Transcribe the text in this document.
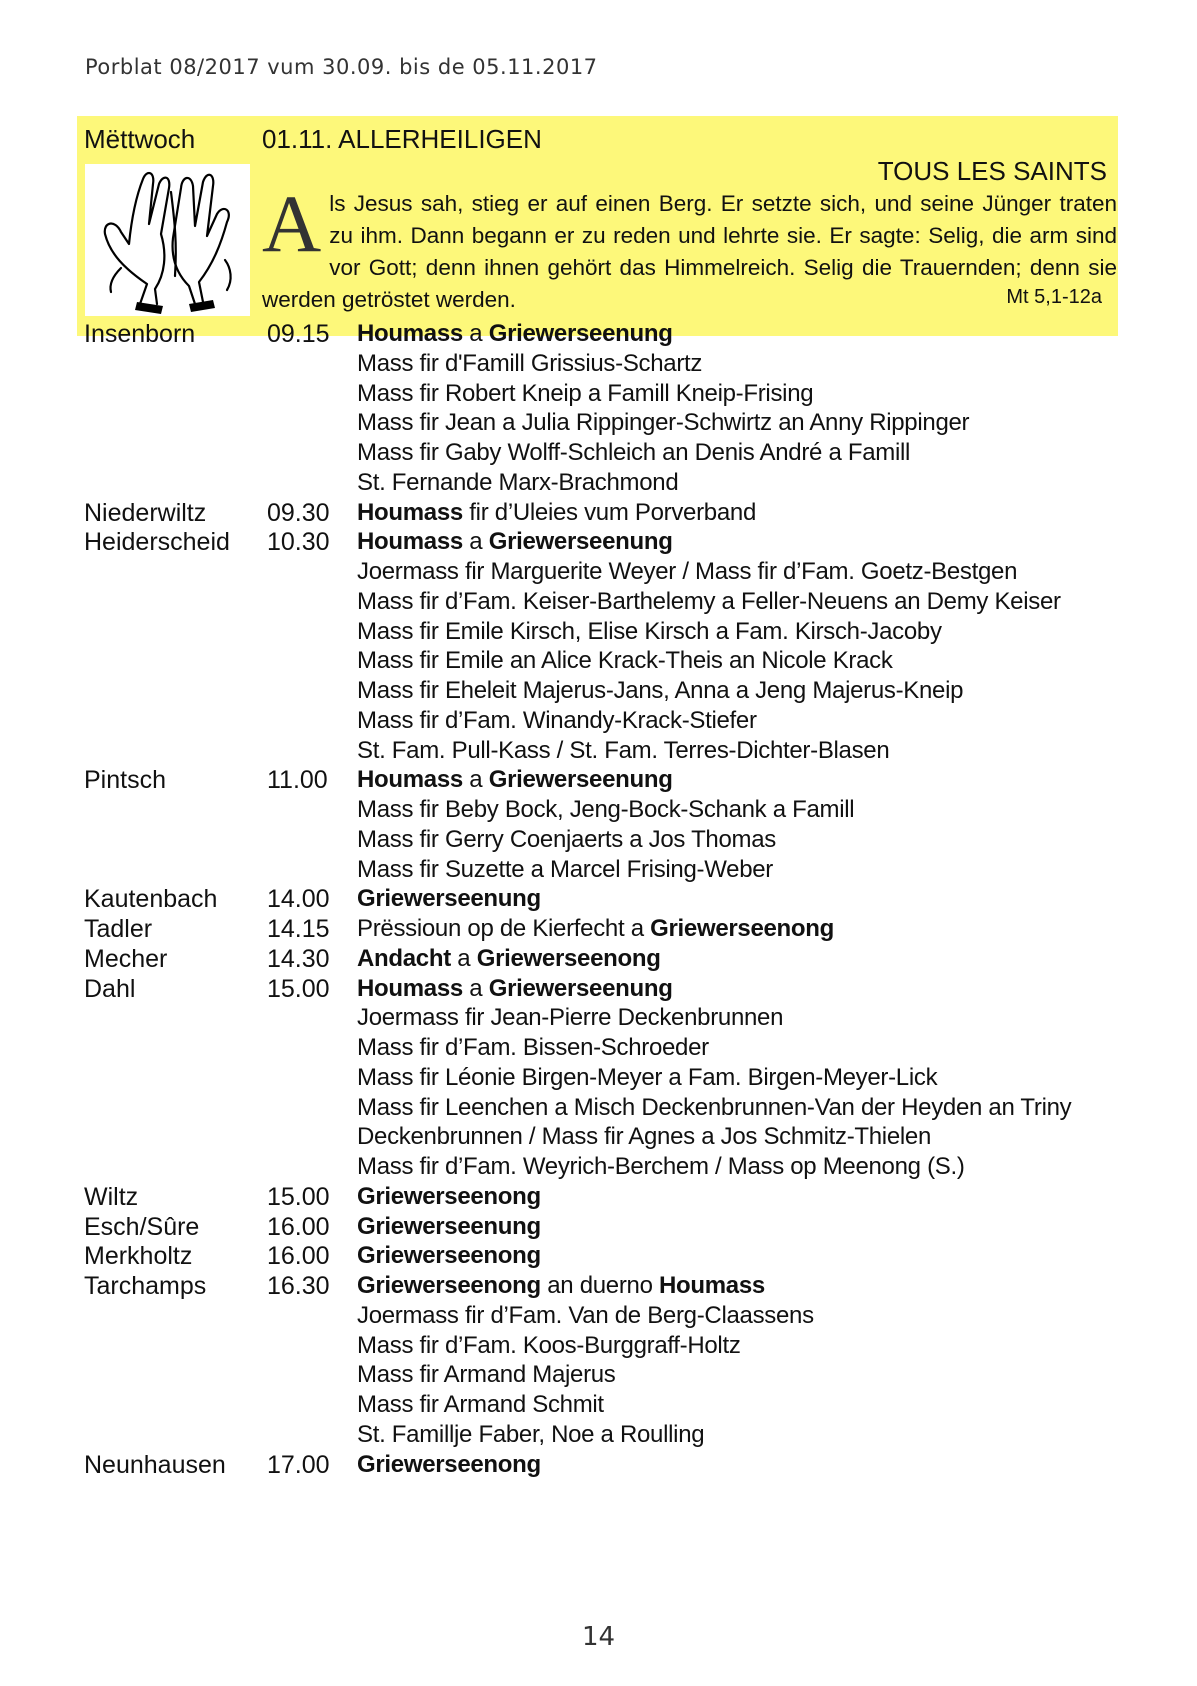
Porblat 08/2017 vum 30.09. bis de 05.11.2017
Mëttwoch	01.11. ALLERHEILIGEN
TOUS LES SAINTS
Als Jesus sah, stieg er auf einen Berg. Er setzte sich, und seine Jünger traten zu ihm. Dann begann er zu reden und lehrte sie. Er sagte: Selig, die arm sind vor Gott; denn ihnen gehört das Himmelreich. Selig die Trauernden; denn sie werden getröstet werden.	Mt 5,1-12a
Insenborn	09.15 Houmass a Griewerseenung
Mass fir d'Famill Grissius-Schartz
Mass fir Robert Kneip a Famill Kneip-Frising
Mass fir Jean a Julia Rippinger-Schwirtz an Anny Rippinger
Mass fir Gaby Wolff-Schleich an Denis André a Famill
St. Fernande Marx-Brachmond
Niederwiltz 09.30 Houmass fir d’Uleies vum Porverband
Heiderscheid 10.30 Houmass a Griewerseenung
Joermass fir Marguerite Weyer / Mass fir d’Fam. Goetz-Bestgen
Mass fir d’Fam. Keiser-Barthelemy a Feller-Neuens an Demy Keiser
Mass fir Emile Kirsch, Elise Kirsch a Fam. Kirsch-Jacoby
Mass fir Emile an Alice Krack-Theis an Nicole Krack
Mass fir Eheleit Majerus-Jans, Anna a Jeng Majerus-Kneip
Mass fir d’Fam. Winandy-Krack-Stiefer
St. Fam. Pull-Kass / St. Fam. Terres-Dichter-Blasen
Pintsch	11.00 Houmass a Griewerseenung
Mass fir Beby Bock, Jeng-Bock-Schank a Famill
Mass fir Gerry Coenjaerts a Jos Thomas
Mass fir Suzette a Marcel Frising-Weber
Kautenbach 14.00 Griewerseenung
Tadler	14.15 Prëssioun op de Kierfecht a Griewerseenong
Mecher	14.30 Andacht a Griewerseenong
Dahl	15.00 Houmass a Griewerseenung
Joermass fir Jean-Pierre Deckenbrunnen
Mass fir d’Fam. Bissen-Schroeder
Mass fir Léonie Birgen-Meyer a Fam. Birgen-Meyer-Lick
Mass fir Leenchen a Misch Deckenbrunnen-Van der Heyden an Triny
Deckenbrunnen / Mass fir Agnes a Jos Schmitz-Thielen
Mass fir d’Fam. Weyrich-Berchem / Mass op Meenong (S.)
Wiltz	15.00 Griewerseenong
Esch/Sûre	16.00 Griewerseenung
Merkholtz	16.00 Griewerseenong
Tarchamps 16.30 Griewerseenong an duerno Houmass
Joermass fir d’Fam. Van de Berg-Claassens
Mass fir d’Fam. Koos-Burggraff-Holtz
Mass fir Armand Majerus
Mass fir Armand Schmit
St. Famillje Faber, Noe a Roulling
Neunhausen 17.00 Griewerseenong
14
